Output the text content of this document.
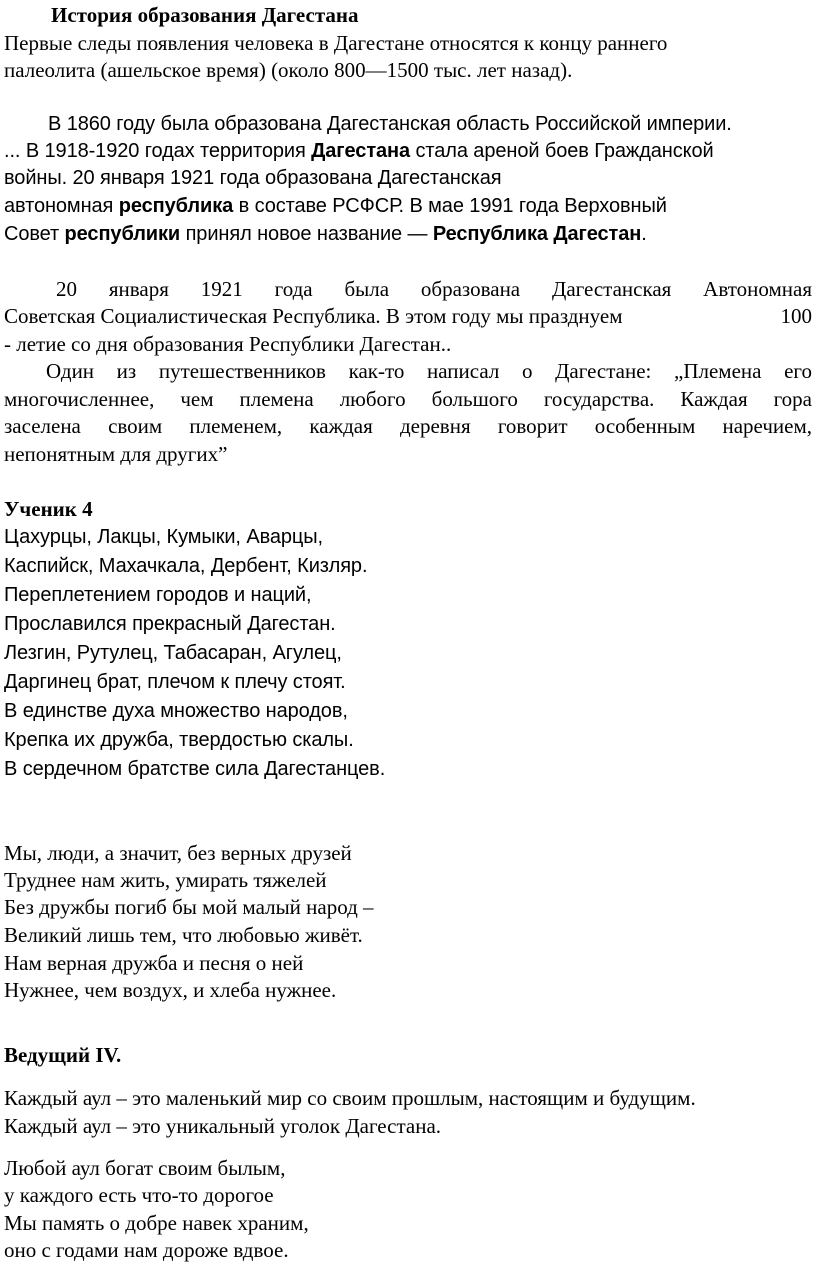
История образования Дагестана
Первые следы появления человека в Дагестане относятся к концу раннего
палеолита (ашельское время) (около 800—1500 тыс. лет назад).
В 1860 году была образована Дагестанская область Российской империи.
... В 1918-1920 годах территория Дагестана стала ареной боев Гражданской
войны. 20 января 1921 года образована Дагестанская
автономная республика в составе РСФСР. В мае 1991 года Верховный
Совет республики принял новое название — Республика Дагестан.
20 января 1921 года была образована Дагестанская Автономная
Советская Социалистическая Республика. В этом году мы празднуем	100
- летие со дня образования Республики Дагестан..
Один из путешественников как-то написал о Дагестане: „Племена его
многочисленнее, чем племена любого большого государства. Каждая гора
заселена своим племенем, каждая деревня говорит особенным наречием,
непонятным для других”
Ученик 4
Цахурцы, Лакцы, Кумыки, Аварцы,
Каспийск, Махачкала, Дербент, Кизляр.
Переплетением городов и наций,
Прославился прекрасный Дагестан.
Лезгин, Рутулец, Табасаран, Агулец,
Даргинец брат, плечом к плечу стоят.
В единстве духа множество народов,
Крепка их дружба, твердостью скалы.
В сердечном братстве сила Дагестанцев.
Мы, люди, а значит, без верных друзей
Труднее нам жить, умирать тяжелей
Без дружбы погиб бы мой малый народ –
Великий лишь тем, что любовью живёт.
Нам верная дружба и песня о ней
Нужнее, чем воздух, и хлеба нужнее.
Ведущий IV.
Каждый аул – это маленький мир со своим прошлым, настоящим и будущим.
Каждый аул – это уникальный уголок Дагестана.
Любой аул богат своим былым,
у каждого есть что-то дорогое
Мы память о добре навек храним,
оно с годами нам дороже вдвое.
